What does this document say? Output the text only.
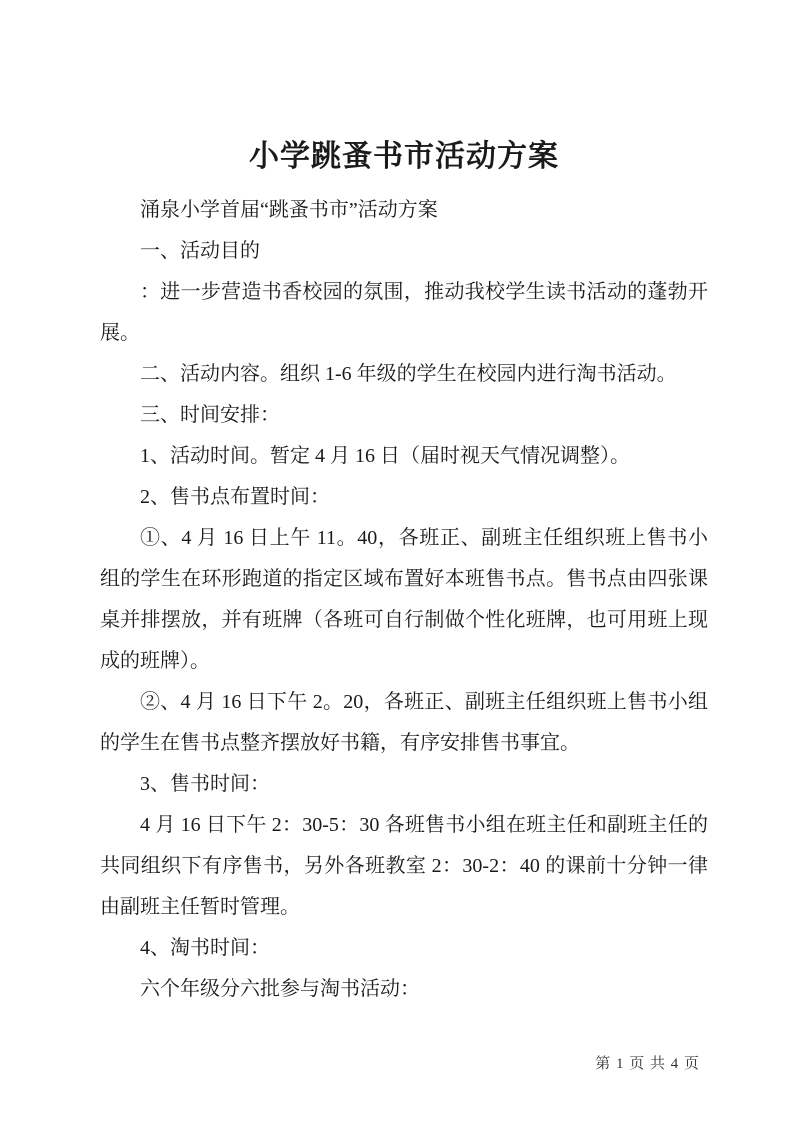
小学跳蚤书市活动方案

涌泉小学首届“跳蚤书市”活动方案

一、活动目的

：进一步营造书香校园的氛围，推动我校学生读书活动的蓬勃开展。

二、活动内容。组织 1-6 年级的学生在校园内进行淘书活动。

三、时间安排：

1、活动时间。暂定 4 月 16 日（届时视天气情况调整）。

2、售书点布置时间：

①、4 月 16 日上午 11。40，各班正、副班主任组织班上售书小组的学生在环形跑道的指定区域布置好本班售书点。售书点由四张课桌并排摆放，并有班牌（各班可自行制做个性化班牌，也可用班上现成的班牌）。

②、4 月 16 日下午 2。20，各班正、副班主任组织班上售书小组的学生在售书点整齐摆放好书籍，有序安排售书事宜。

3、售书时间：

4 月 16 日下午 2：30-5：30 各班售书小组在班主任和副班主任的共同组织下有序售书，另外各班教室 2：30-2：40 的课前十分钟一律由副班主任暂时管理。

4、淘书时间：

六个年级分六批参与淘书活动：

第 1 页 共 4 页
